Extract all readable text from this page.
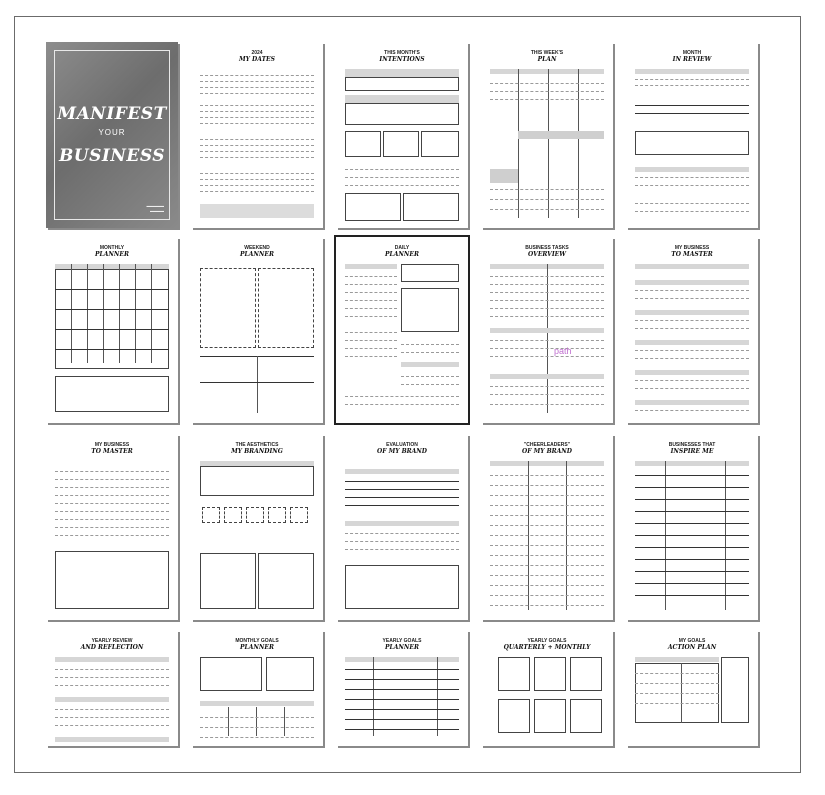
MANIFEST
YOUR
BUSINESS
▬▬▬▬▬
▬▬▬▬
2024
MY DATES
THIS MONTH'S
INTENTIONS
THIS WEEK'S
PLAN
MONTH
IN REVIEW
MONTHLY
PLANNER
WEEKEND
PLANNER
DAILY
PLANNER
BUSINESS TASKS
OVERVIEW
path
MY BUSINESS
TO MASTER
MY BUSINESS
TO MASTER
THE AESTHETICS
MY BRANDING
EVALUATION
OF MY BRAND
"CHEERLEADERS"
OF MY BRAND
BUSINESSES THAT
INSPIRE ME
YEARLY REVIEW
AND REFLECTION
MONTHLY GOALS
PLANNER
YEARLY GOALS
PLANNER
YEARLY GOALS
QUARTERLY + MONTHLY
MY GOALS
ACTION PLAN
